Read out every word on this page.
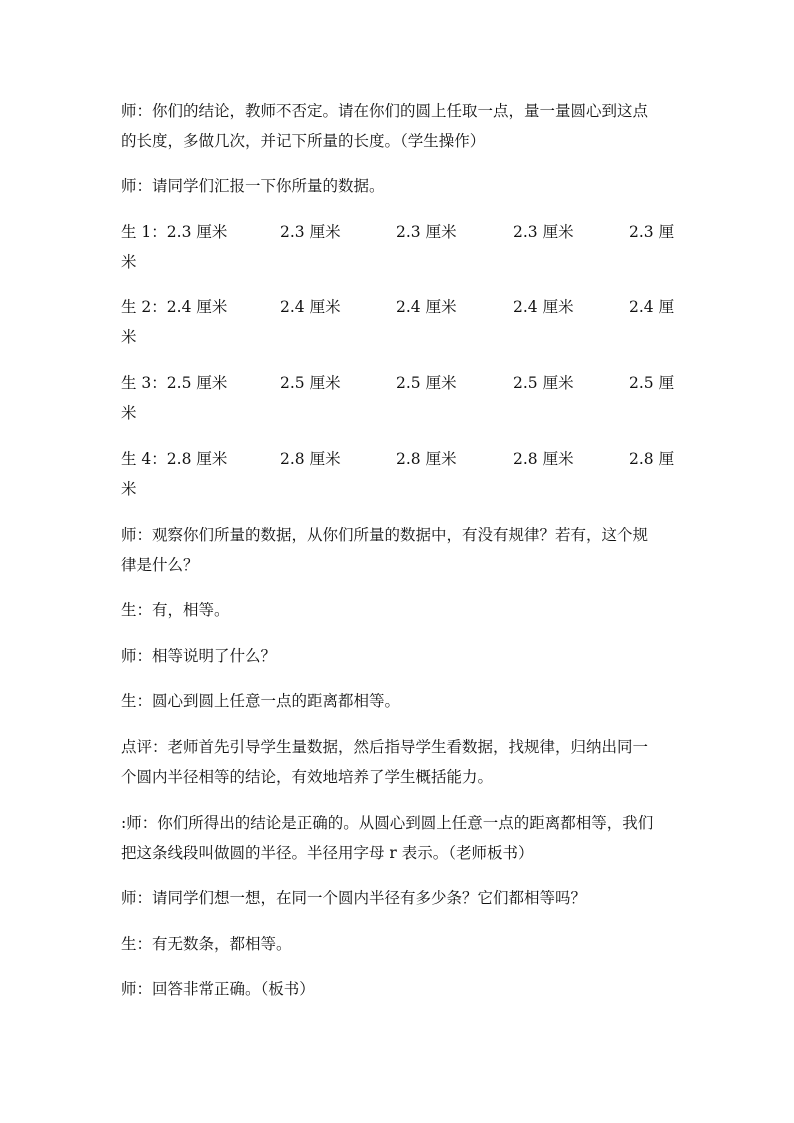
师：你们的结论，教师不否定。请在你们的圆上任取一点，量一量圆心到这点
的长度，多做几次，并记下所量的长度。（学生操作）

师：请同学们汇报一下你所量的数据。

生 1：2.3 厘米	2.3 厘米	2.3 厘米	2.3 厘米	2.3 厘
米
生 2：2.4 厘米	2.4 厘米	2.4 厘米	2.4 厘米	2.4 厘
米
生 3：2.5 厘米	2.5 厘米	2.5 厘米	2.5 厘米	2.5 厘
米
生 4：2.8 厘米	2.8 厘米	2.8 厘米	2.8 厘米	2.8 厘
米

师：观察你们所量的数据，从你们所量的数据中，有没有规律？若有，这个规
律是什么？

生：有，相等。

师：相等说明了什么？

生：圆心到圆上任意一点的距离都相等。

点评：老师首先引导学生量数据，然后指导学生看数据，找规律，归纳出同一
个圆内半径相等的结论，有效地培养了学生概括能力。

:师：你们所得出的结论是正确的。从圆心到圆上任意一点的距离都相等，我们
把这条线段叫做圆的半径。半径用字母 r 表示。（老师板书）

师：请同学们想一想，在同一个圆内半径有多少条？它们都相等吗？

生：有无数条，都相等。

师：回答非常正确。（板书）
